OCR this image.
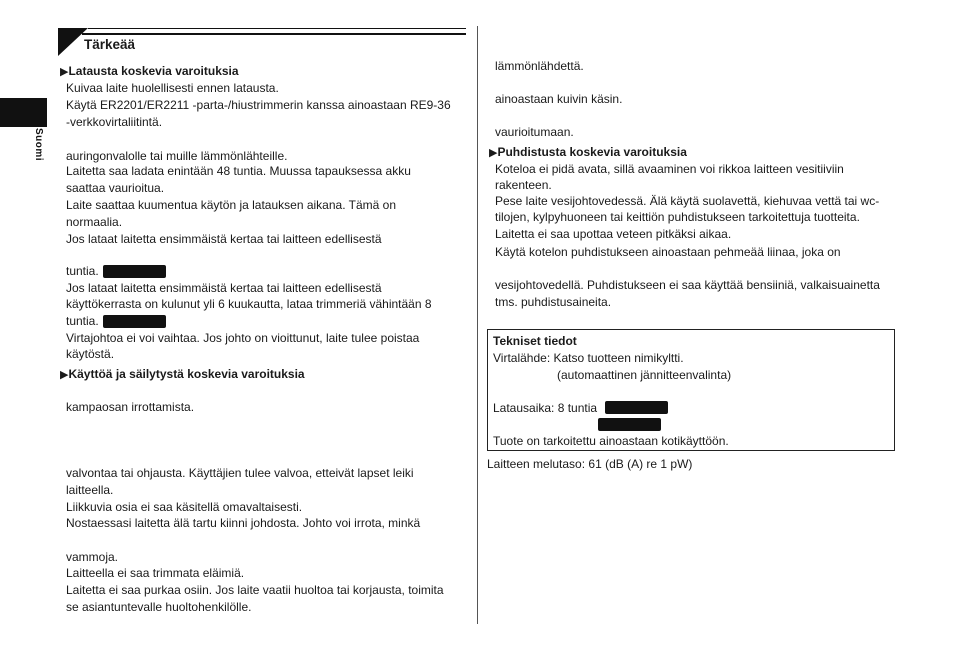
Suomi
Tärkeää
▶Latausta koskevia varoituksia
Kuivaa laite huolellisesti ennen latausta.
Käytä ER2201/ER2211 -parta-/hiustrimmerin kanssa ainoastaan RE9-36
-verkkovirtaliitintä.
auringonvalolle tai muille lämmönlähteille.
Laitetta saa ladata enintään 48 tuntia. Muussa tapauksessa akku
saattaa vaurioitua.
Laite saattaa kuumentua käytön ja latauksen aikana. Tämä on
normaalia.
Jos lataat laitetta ensimmäistä kertaa tai laitteen edellisestä
tuntia.
Jos lataat laitetta ensimmäistä kertaa tai laitteen edellisestä
käyttökerrasta on kulunut yli 6 kuukautta, lataa trimmeriä vähintään 8
tuntia.
Virtajohtoa ei voi vaihtaa. Jos johto on vioittunut, laite tulee poistaa
käytöstä.
▶Käyttöä ja säilytystä koskevia varoituksia
kampaosan irrottamista.
valvontaa tai ohjausta. Käyttäjien tulee valvoa, etteivät lapset leiki
laitteella.
Liikkuvia osia ei saa käsitellä omavaltaisesti.
Nostaessasi laitetta älä tartu kiinni johdosta. Johto voi irrota, minkä
vammoja.
Laitteella ei saa trimmata eläimiä.
Laitetta ei saa purkaa osiin. Jos laite vaatii huoltoa tai korjausta, toimita
se asiantuntevalle huoltohenkilölle.
lämmönlähdettä.
ainoastaan kuivin käsin.
vaurioitumaan.
▶Puhdistusta koskevia varoituksia
Koteloa ei pidä avata, sillä avaaminen voi rikkoa laitteen vesitiiviin
rakenteen.
Pese laite vesijohtovedessä. Älä käytä suolavettä, kiehuvaa vettä tai wc-
tilojen, kylpyhuoneen tai keittiön puhdistukseen tarkoitettuja tuotteita.
Laitetta ei saa upottaa veteen pitkäksi aikaa.
Käytä kotelon puhdistukseen ainoastaan pehmeää liinaa, joka on
vesijohtovedellä. Puhdistukseen ei saa käyttää bensiiniä, valkaisuainetta
tms. puhdistusaineita.
Tekniset tiedot
Virtalähde: Katso tuotteen nimikyltti.
(automaattinen jännitteenvalinta)
Latausaika: 8 tuntia
Tuote on tarkoitettu ainoastaan kotikäyttöön.
Laitteen melutaso: 61 (dB (A) re 1 pW)
